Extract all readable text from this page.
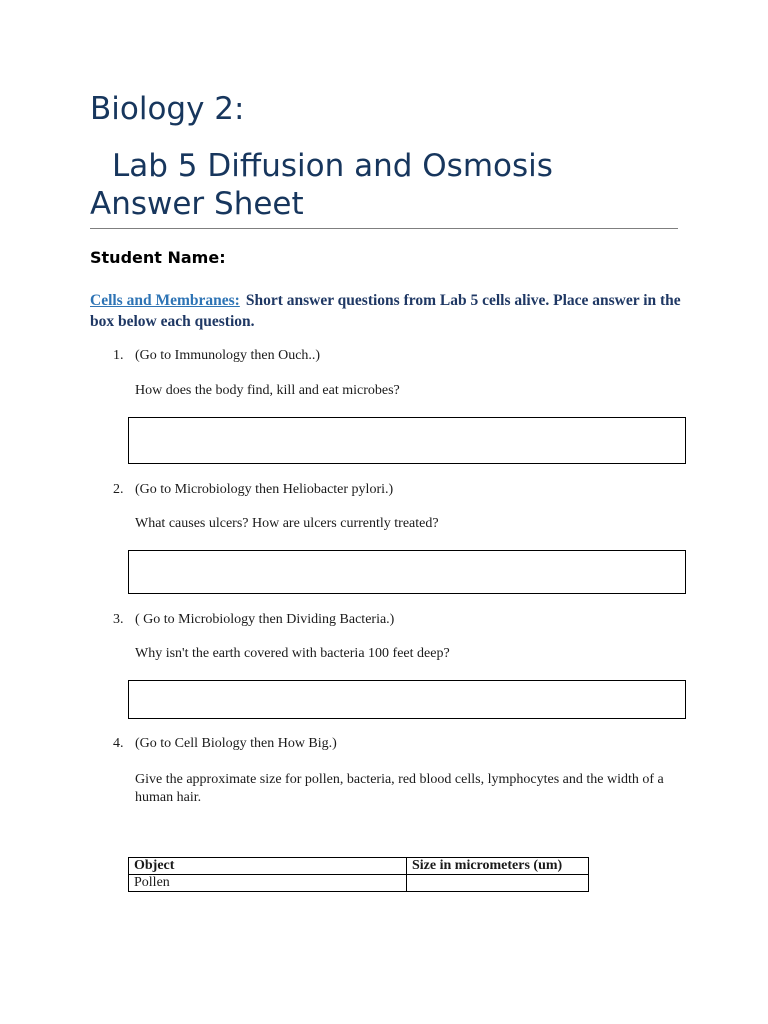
Biology 2:
Lab 5 Diffusion and Osmosis
Answer Sheet
Student Name:
Cells and Membranes: Short answer questions from Lab 5 cells alive. Place answer in the box below each question.
1. (Go to Immunology then Ouch..)
How does the body find, kill and eat microbes?
2. (Go to Microbiology then Heliobacter pylori.)
What causes ulcers? How are ulcers currently treated?
3. ( Go to Microbiology then Dividing Bacteria.)
Why isn't the earth covered with bacteria 100 feet deep?
4. (Go to Cell Biology then How Big.)
Give the approximate size for pollen, bacteria, red blood cells, lymphocytes and the width of a human hair.
Object	Size in micrometers (um)
Pollen	
